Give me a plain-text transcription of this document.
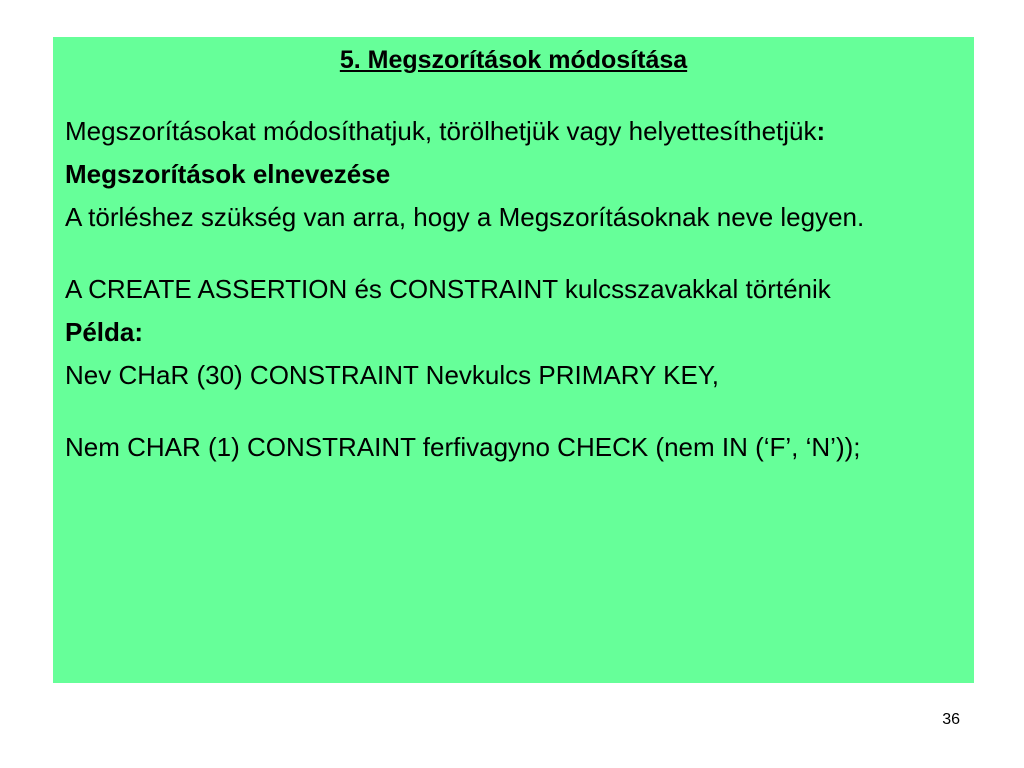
5. Megszorítások módosítása

Megszorításokat módosíthatjuk, törölhetjük vagy helyettesíthetjük:

Megszorítások elnevezése

A törléshez szükség van arra, hogy a Megszorításoknak neve legyen.

A CREATE ASSERTION és CONSTRAINT kulcsszavakkal történik

Példa:

Nev CHaR (30) CONSTRAINT Nevkulcs PRIMARY KEY,

Nem CHAR (1) CONSTRAINT ferfivagyno CHECK (nem IN (‘F’, ‘N’));

36
